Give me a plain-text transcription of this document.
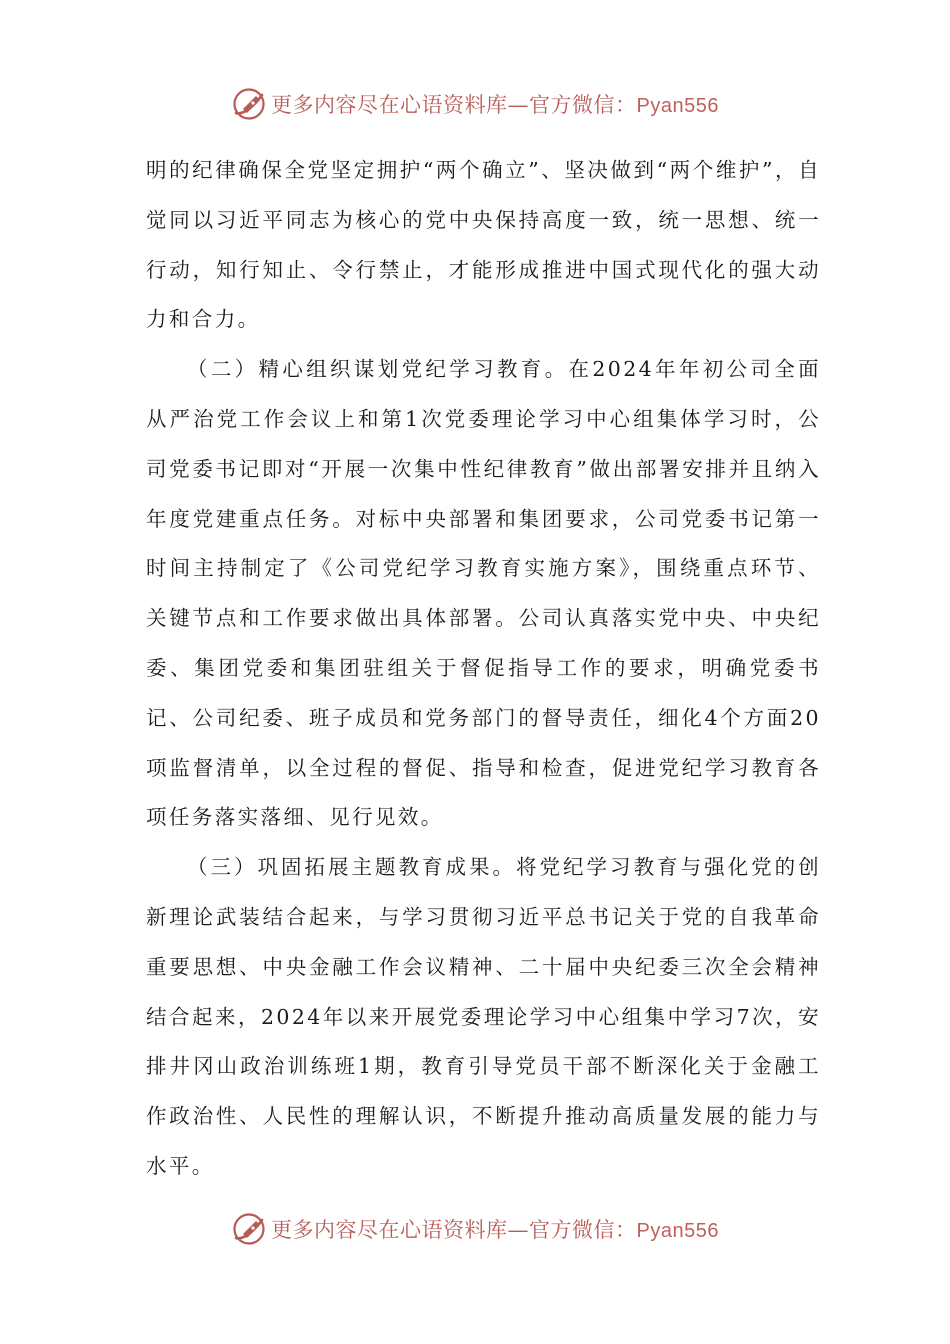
更多内容尽在心语资料库—官方微信：Pyan556

明的纪律确保全党坚定拥护“两个确立”、坚决做到“两个维护”，自觉同以习近平同志为核心的党中央保持高度一致，统一思想、统一行动，知行知止、令行禁止，才能形成推进中国式现代化的强大动力和合力。

（二）精心组织谋划党纪学习教育。在2024年年初公司全面从严治党工作会议上和第1次党委理论学习中心组集体学习时，公司党委书记即对“开展一次集中性纪律教育”做出部署安排并且纳入年度党建重点任务。对标中央部署和集团要求，公司党委书记第一时间主持制定了《公司党纪学习教育实施方案》，围绕重点环节、关键节点和工作要求做出具体部署。公司认真落实党中央、中央纪委、集团党委和集团驻组关于督促指导工作的要求，明确党委书记、公司纪委、班子成员和党务部门的督导责任，细化4个方面20项监督清单，以全过程的督促、指导和检查，促进党纪学习教育各项任务落实落细、见行见效。

（三）巩固拓展主题教育成果。将党纪学习教育与强化党的创新理论武装结合起来，与学习贯彻习近平总书记关于党的自我革命重要思想、中央金融工作会议精神、二十届中央纪委三次全会精神结合起来，2024年以来开展党委理论学习中心组集中学习7次，安排井冈山政治训练班1期，教育引导党员干部不断深化关于金融工作政治性、人民性的理解认识，不断提升推动高质量发展的能力与水平。

更多内容尽在心语资料库—官方微信：Pyan556
